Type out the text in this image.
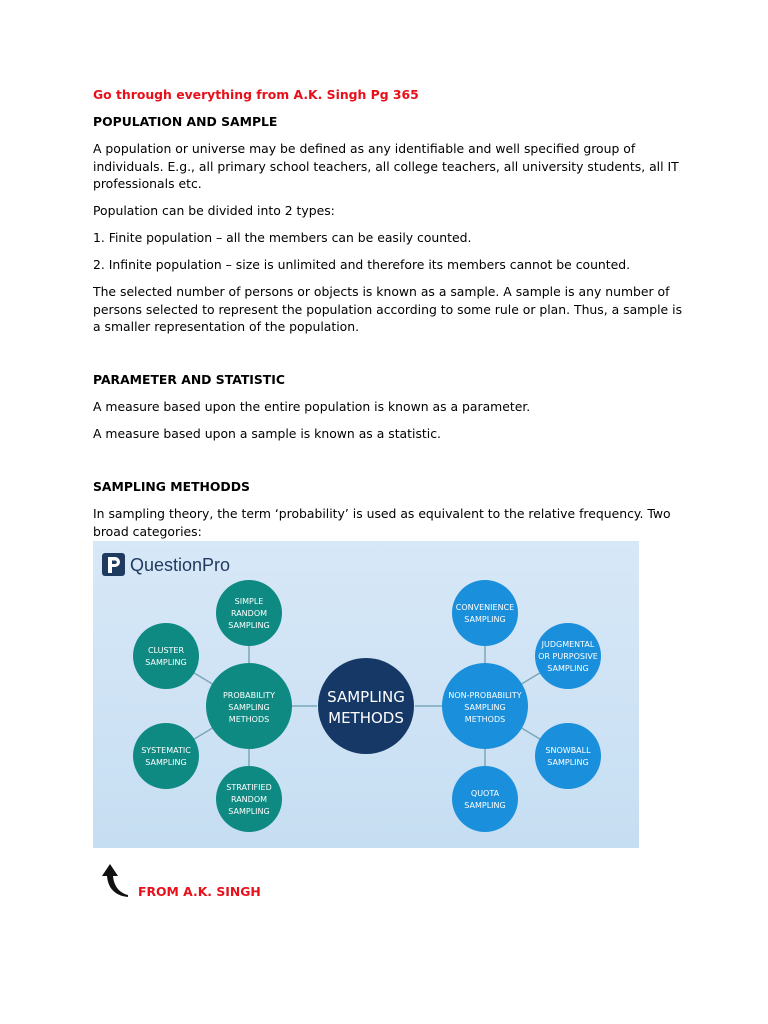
Go through everything from A.K. Singh Pg 365

POPULATION AND SAMPLE

A population or universe may be defined as any identifiable and well specified group of individuals. E.g., all primary school teachers, all college teachers, all university students, all IT professionals etc.

Population can be divided into 2 types:

1. Finite population – all the members can be easily counted.

2. Infinite population – size is unlimited and therefore its members cannot be counted.

The selected number of persons or objects is known as a sample. A sample is any number of persons selected to represent the population according to some rule or plan. Thus, a sample is a smaller representation of the population.

PARAMETER AND STATISTIC

A measure based upon the entire population is known as a parameter.

A measure based upon a sample is known as a statistic.

SAMPLING METHODDS

In sampling theory, the term ‘probability’ is used as equivalent to the relative frequency. Two broad categories:

QuestionPro
SAMPLING
METHODS
PROBABILITY
SAMPLING
METHODS
NON-PROBABILITY
SAMPLING
METHODS
SIMPLE
RANDOM
SAMPLING
CLUSTER
SAMPLING
SYSTEMATIC
SAMPLING
STRATIFIED
RANDOM
SAMPLING
CONVENIENCE
SAMPLING
JUDGMENTAL
OR PURPOSIVE
SAMPLING
SNOWBALL
SAMPLING
QUOTA
SAMPLING
FROM A.K. SINGH
